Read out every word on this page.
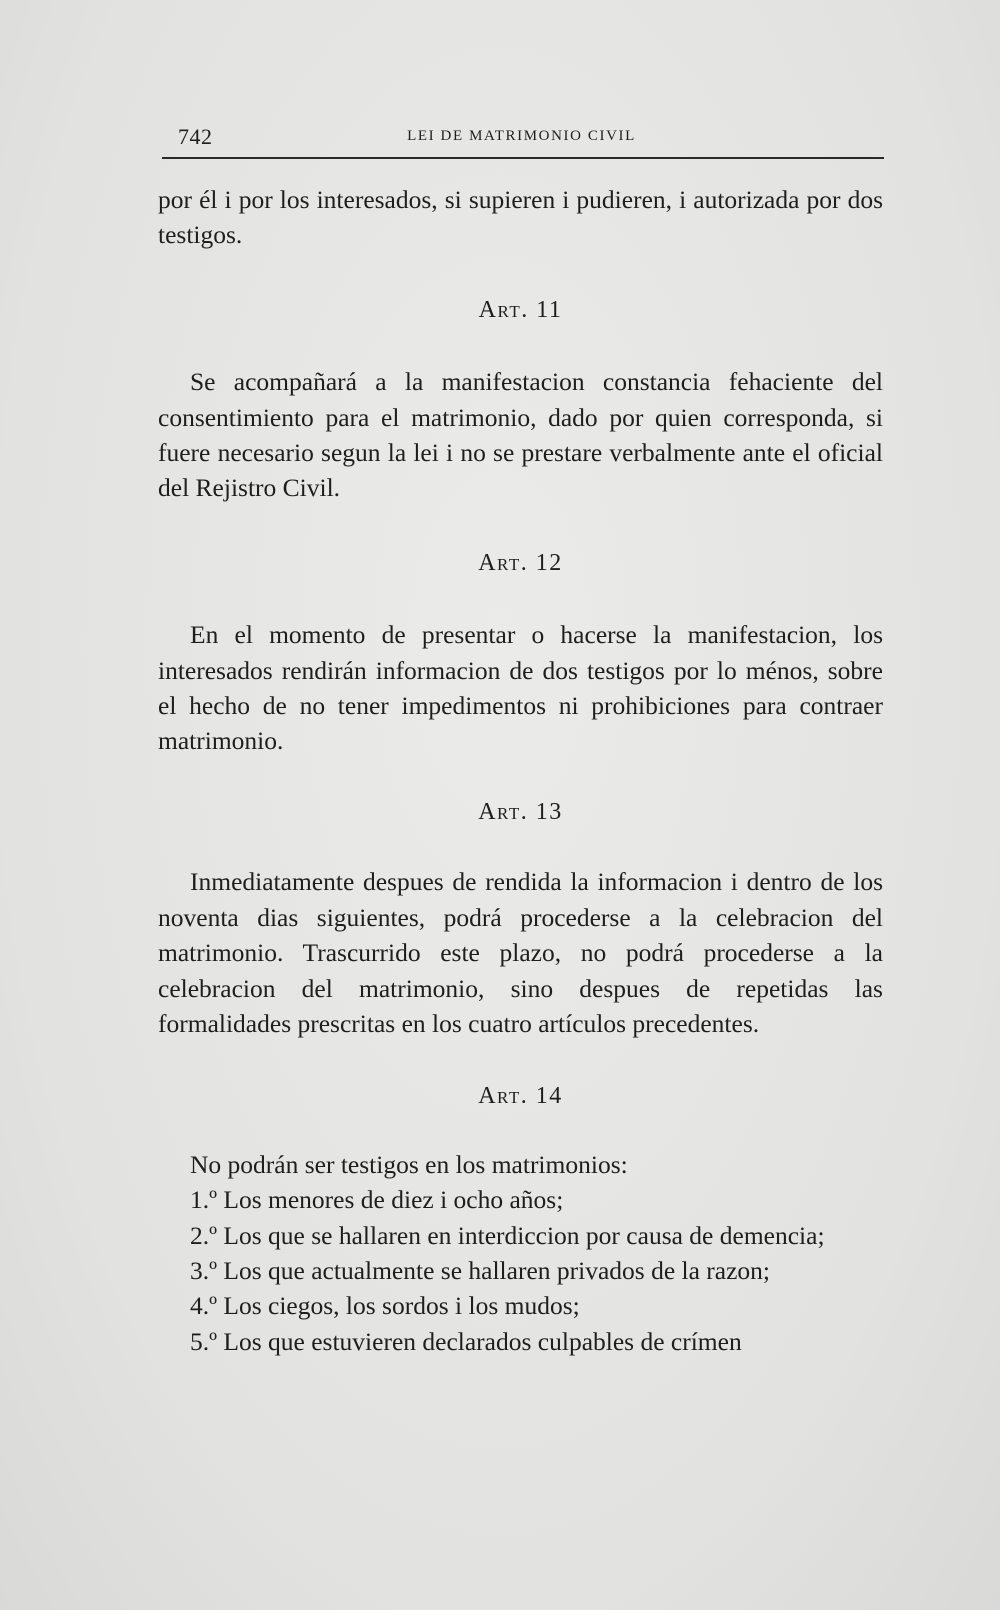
742	LEI DE MATRIMONIO CIVIL

por él i por los interesados, si supieren i pudieren, i autorizada por dos testigos.

Art. 11

Se acompañará a la manifestacion constancia fehaciente del consentimiento para el matrimonio, dado por quien corresponda, si fuere necesario segun la lei i no se prestare verbalmente ante el oficial del Rejistro Civil.

Art. 12

En el momento de presentar o hacerse la manifestacion, los interesados rendirán informacion de dos testigos por lo ménos, sobre el hecho de no tener impedimentos ni prohibiciones para contraer matrimonio.

Art. 13

Inmediatamente despues de rendida la informacion i dentro de los noventa dias siguientes, podrá procederse a la celebracion del matrimonio. Trascurrido este plazo, no podrá procederse a la celebracion del matrimonio, sino despues de repetidas las formalidades prescritas en los cuatro artículos precedentes.

Art. 14

No podrán ser testigos en los matrimonios:

1.º Los menores de diez i ocho años;
2.º Los que se hallaren en interdiccion por causa de demencia;
3.º Los que actualmente se hallaren privados de la razon;
4.º Los ciegos, los sordos i los mudos;
5.º Los que estuvieren declarados culpables de crímen
